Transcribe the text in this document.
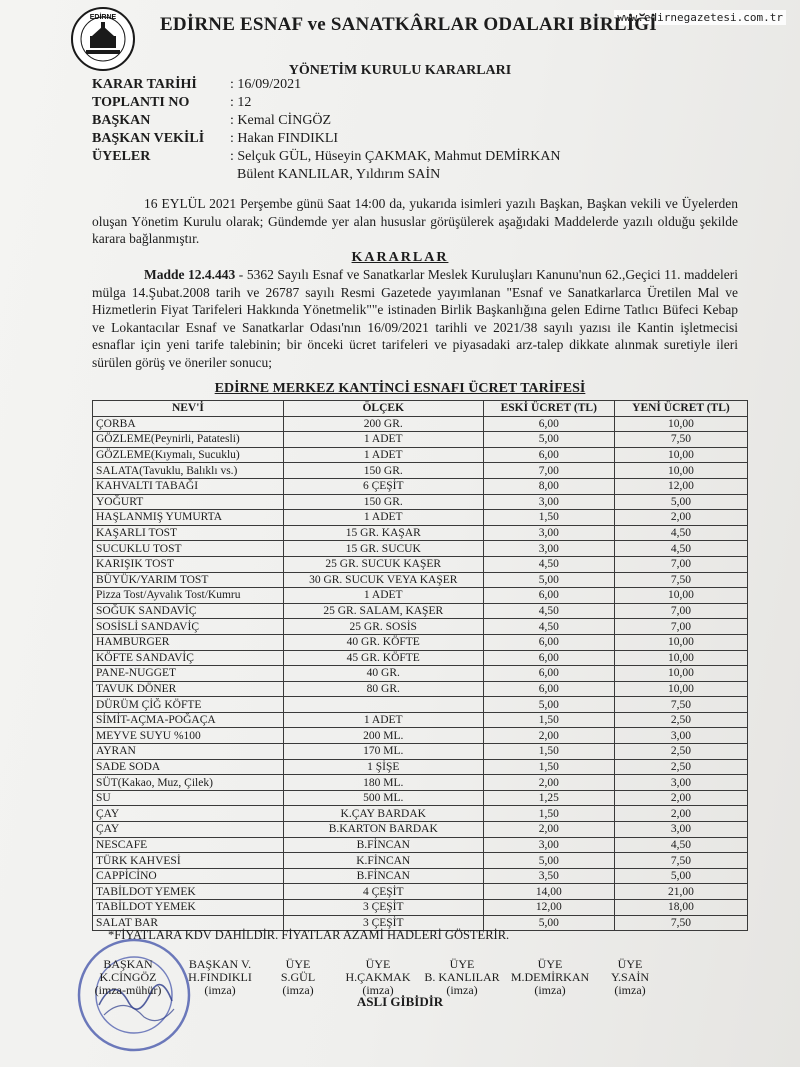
www.edirnegazetesi.com.tr
EDİRNE EDİRNE ESNAF ve SANATKÂRLAR ODALARI BİRLİĞİ
YÖNETİM KURULU KARARLARI
KARAR TARİHİ : 16/09/2021
TOPLANTI NO	: 12
BAŞKAN	: Kemal CİNGÖZ
BAŞKAN VEKİLİ : Hakan FINDIKLI
ÜYELER	: Selçuk GÜL, Hüseyin ÇAKMAK, Mahmut DEMİRKAN
Bülent KANLILAR, Yıldırım SAİN
16 EYLÜL 2021 Perşembe günü Saat 14:00 da, yukarıda isimleri yazılı Başkan, Başkan vekili ve Üyelerden oluşan Yönetim Kurulu olarak; Gündemde yer alan hususlar görüşülerek aşağıdaki Maddelerde yazılı olduğu şekilde karara bağlanmıştır.
KARARLAR
Madde 12.4.443 - 5362 Sayılı Esnaf ve Sanatkarlar Meslek Kuruluşları Kanunu'nun 62.,Geçici 11. maddeleri mülga 14.Şubat.2008 tarih ve 26787 sayılı Resmi Gazetede yayımlanan "Esnaf ve Sanatkarlarca Üretilen Mal ve Hizmetlerin Fiyat Tarifeleri Hakkında Yönetmelik""e istinaden Birlik Başkanlığına gelen Edirne Tatlıcı Büfeci Kebap ve Lokantacılar Esnaf ve Sanatkarlar Odası'nın 16/09/2021 tarihli ve 2021/38 sayılı yazısı ile Kantin işletmecisi esnaflar için yeni tarife talebinin; bir önceki ücret tarifeleri ve piyasadaki arz-talep dikkate alınmak suretiyle ileri sürülen görüş ve öneriler sonucu;
EDİRNE MERKEZ KANTİNCİ ESNAFI ÜCRET TARİFESİ
NEV'İ	ÖLÇEK	ESKİ ÜCRET (TL)	YENİ ÜCRET (TL)
ÇORBA	200 GR.	6,00	10,00
GÖZLEME(Peynirli, Patatesli)	1 ADET	5,00	7,50
GÖZLEME(Kıymalı, Sucuklu)	1 ADET	6,00	10,00
SALATA(Tavuklu, Balıklı vs.)	150 GR.	7,00	10,00
KAHVALTI TABAĞI	6 ÇEŞİT	8,00	12,00
YOĞURT	150 GR.	3,00	5,00
HAŞLANMIŞ YUMURTA	1 ADET	1,50	2,00
KAŞARLI TOST	15 GR. KAŞAR	3,00	4,50
SUCUKLU TOST	15 GR. SUCUK	3,00	4,50
KARIŞIK TOST	25 GR. SUCUK KAŞER	4,50	7,00
BÜYÜK/YARIM TOST	30 GR. SUCUK VEYA KAŞER	5,00	7,50
Pizza Tost/Ayvalık Tost/Kumru	1 ADET	6,00	10,00
SOĞUK SANDAVİÇ	25 GR. SALAM, KAŞER	4,50	7,00
SOSİSLİ SANDAVİÇ	25 GR. SOSİS	4,50	7,00
HAMBURGER	40 GR. KÖFTE	6,00	10,00
KÖFTE SANDAVİÇ	45 GR. KÖFTE	6,00	10,00
PANE-NUGGET	40 GR.	6,00	10,00
TAVUK DÖNER	80 GR.	6,00	10,00
DÜRÜM ÇİĞ KÖFTE		5,00	7,50
SİMİT-AÇMA-POĞAÇA	1 ADET	1,50	2,50
MEYVE SUYU %100	200 ML.	2,00	3,00
AYRAN	170 ML.	1,50	2,50
SADE SODA	1 ŞİŞE	1,50	2,50
SÜT(Kakao, Muz, Çilek)	180 ML.	2,00	3,00
SU	500 ML.	1,25	2,00
ÇAY	K.ÇAY BARDAK	1,50	2,00
ÇAY	B.KARTON BARDAK	2,00	3,00
NESCAFE	B.FİNCAN	3,00	4,50
TÜRK KAHVESİ	K.FİNCAN	5,00	7,50
CAPPİCİNO	B.FİNCAN	3,50	5,00
TABİLDOT YEMEK	4 ÇEŞİT	14,00	21,00
TABİLDOT YEMEK	3 ÇEŞİT	12,00	18,00
SALAT BAR	3 ÇEŞİT	5,00	7,50
*FİYATLARA KDV DAHİLDİR. FİYATLAR AZAMİ HADLERİ GÖSTERİR.
BAŞKAN
K.CİNGÖZ
(imza-mühür)
BAŞKAN V.
H.FINDIKLI
(imza)
ÜYE
S.GÜL
(imza)
ÜYE
H.ÇAKMAK
(imza)
ÜYE
B. KANLILAR
(imza)
ÜYE
M.DEMİRKAN
(imza)
ÜYE
Y.SAİN
(imza)
ASLI GİBİDİR
